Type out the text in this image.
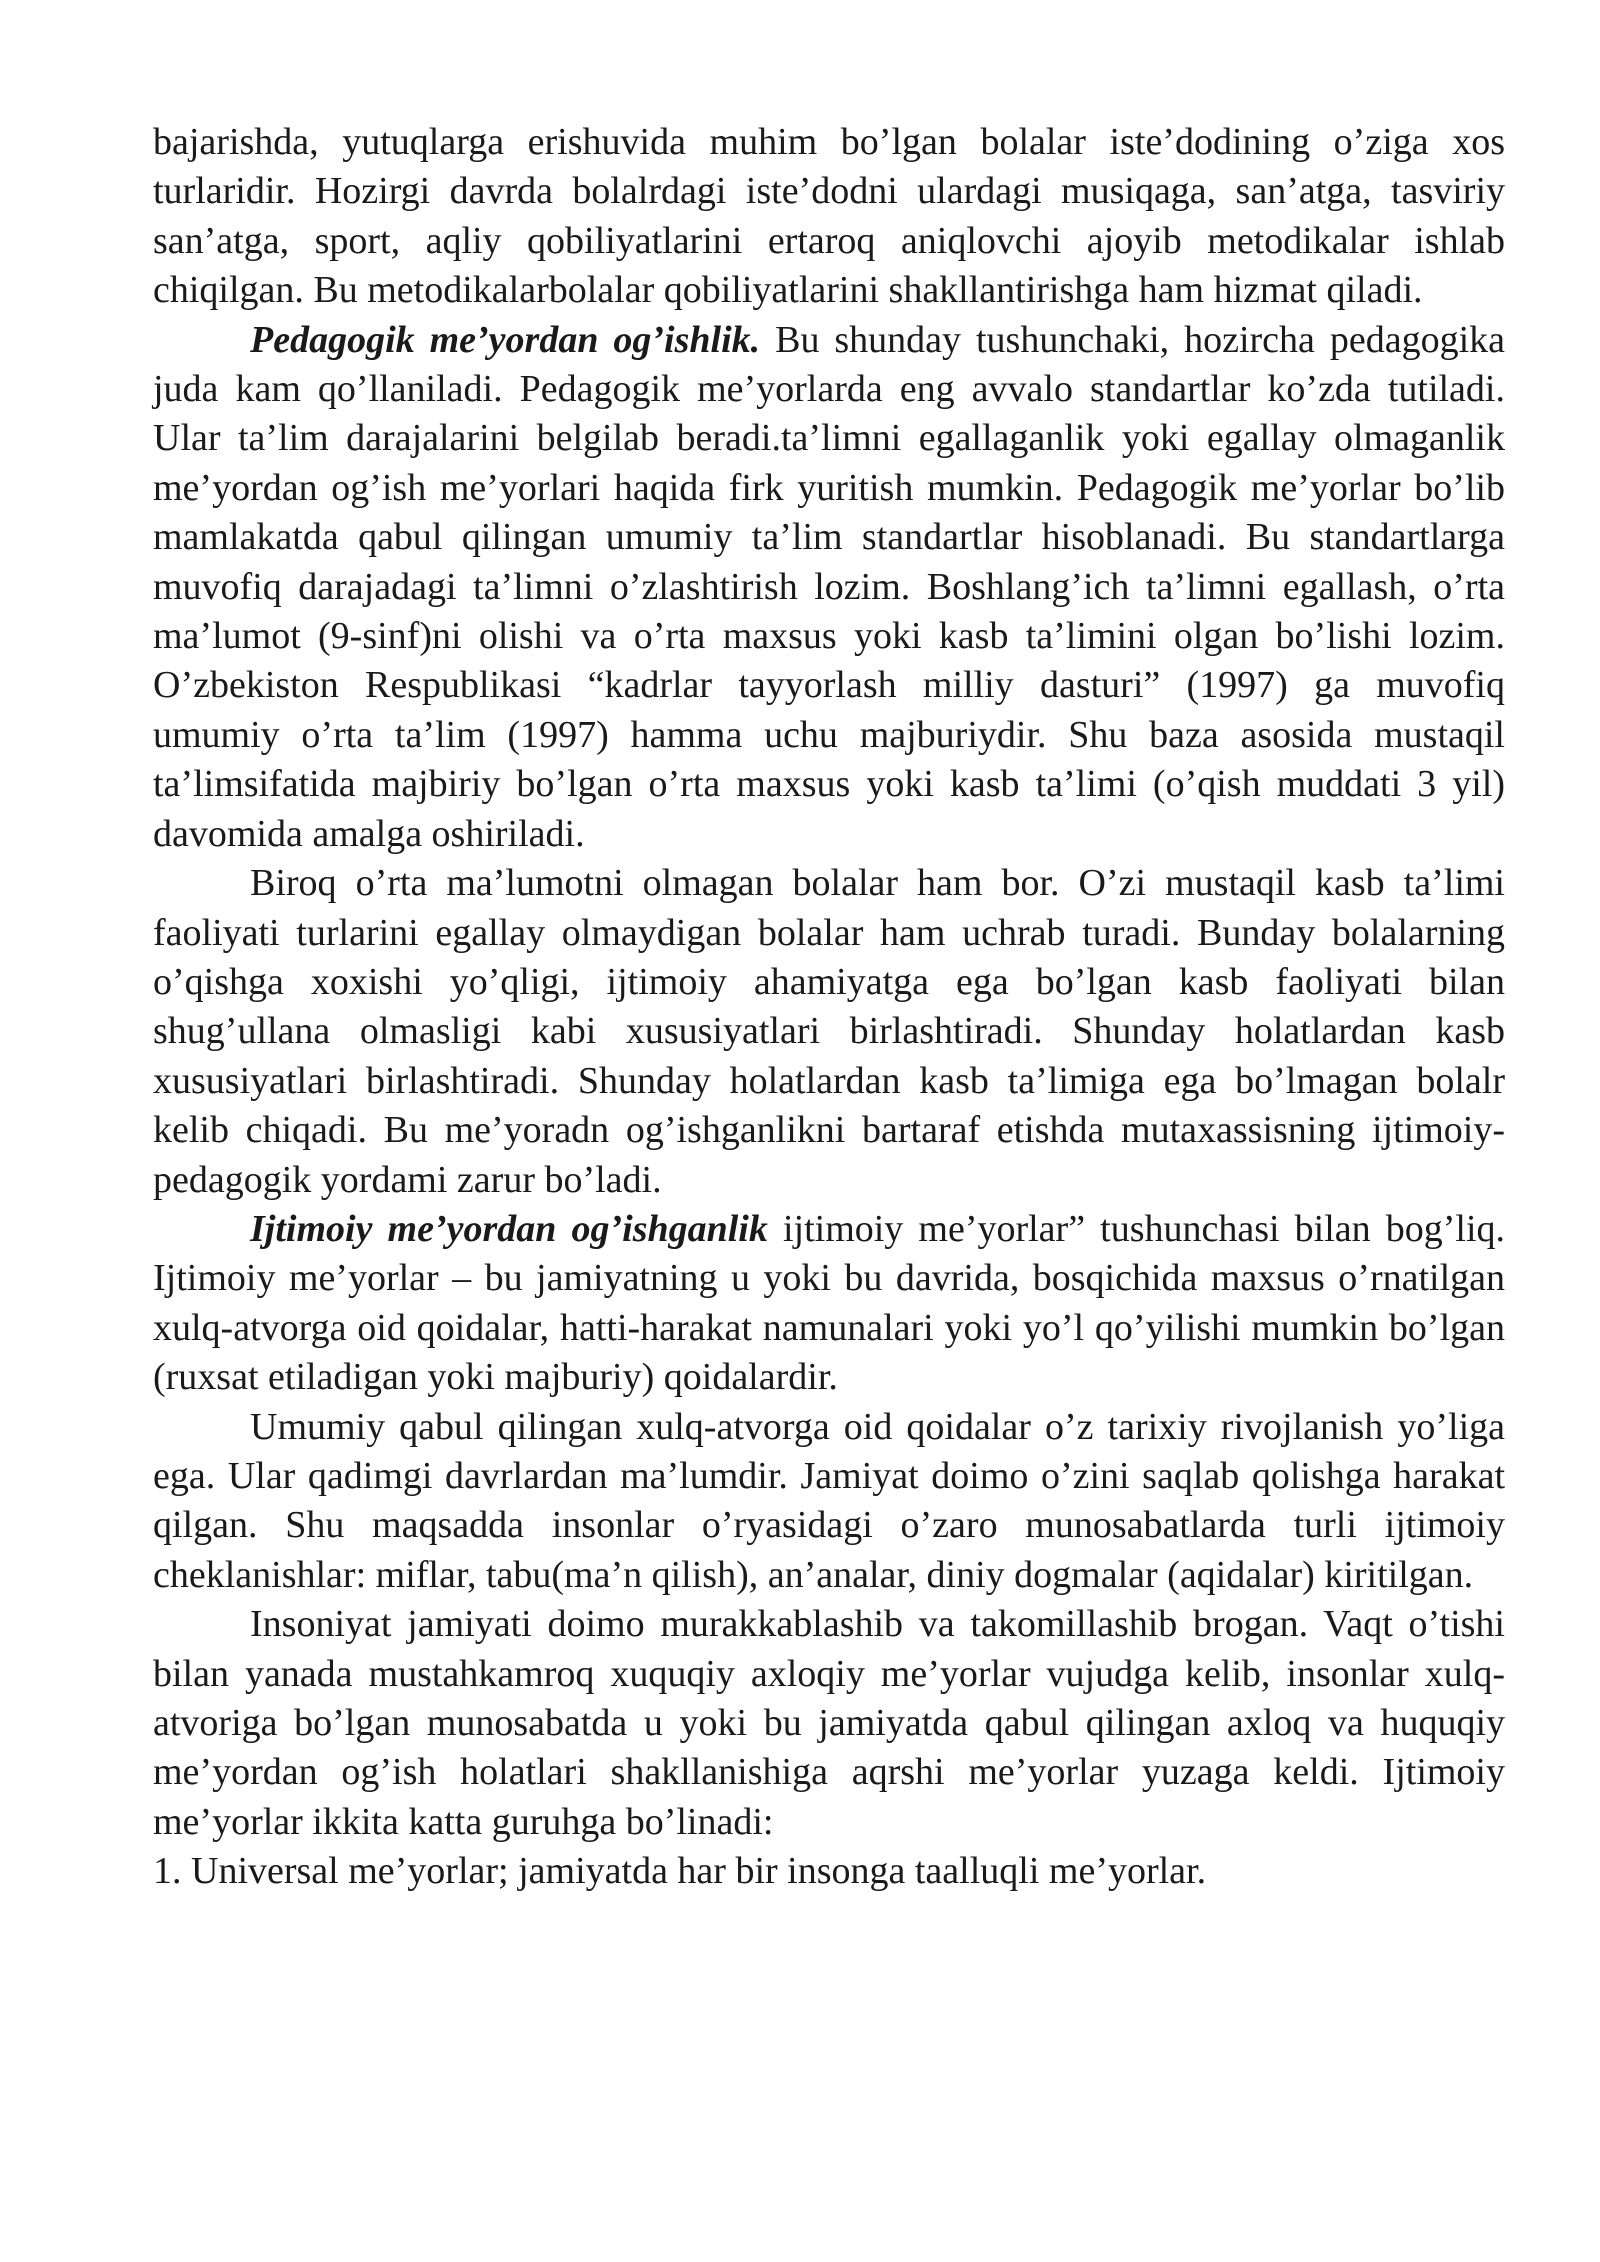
bajarishda, yutuqlarga erishuvida muhim bo’lgan bolalar iste’dodining o’ziga xos turlaridir. Hozirgi davrda bolalrdagi iste’dodni ulardagi musiqaga, san’atga, tasviriy san’atga, sport, aqliy qobiliyatlarini ertaroq aniqlovchi ajoyib metodikalar ishlab chiqilgan. Bu metodikalarbolalar qobiliyatlarini shakllantirishga ham hizmat qiladi.

Pedagogik me’yordan og’ishlik. Bu shunday tushunchaki, hozircha pedagogika juda kam qo’llaniladi. Pedagogik me’yorlarda eng avvalo standartlar ko’zda tutiladi. Ular ta’lim darajalarini belgilab beradi.ta’limni egallaganlik yoki egallay olmaganlik me’yordan og’ish me’yorlari haqida firk yuritish mumkin. Pedagogik me’yorlar bo’lib mamlakatda qabul qilingan umumiy ta’lim standartlar hisoblanadi. Bu standartlarga muvofiq darajadagi ta’limni o’zlashtirish lozim. Boshlang’ich ta’limni egallash, o’rta ma’lumot (9-sinf)ni olishi va o’rta maxsus yoki kasb ta’limini olgan bo’lishi lozim. O’zbekiston Respublikasi “kadrlar tayyorlash milliy dasturi” (1997) ga muvofiq umumiy o’rta ta’lim (1997) hamma uchu majburiydir. Shu baza asosida mustaqil ta’limsifatida majbiriy bo’lgan o’rta maxsus yoki kasb ta’limi (o’qish muddati 3 yil) davomida amalga oshiriladi.

Biroq o’rta ma’lumotni olmagan bolalar ham bor. O’zi mustaqil kasb ta’limi faoliyati turlarini egallay olmaydigan bolalar ham uchrab turadi. Bunday bolalarning o’qishga xoxishi yo’qligi, ijtimoiy ahamiyatga ega bo’lgan kasb faoliyati bilan shug’ullana olmasligi kabi xususiyatlari birlashtiradi. Shunday holatlardan kasb xususiyatlari birlashtiradi. Shunday holatlardan kasb ta’limiga ega bo’lmagan bolalr kelib chiqadi. Bu me’yoradn og’ishganlikni bartaraf etishda mutaxassisning ijtimoiy-pedagogik yordami zarur bo’ladi.

Ijtimoiy me’yordan og’ishganlik ijtimoiy me’yorlar” tushunchasi bilan bog’liq. Ijtimoiy me’yorlar – bu jamiyatning u yoki bu davrida, bosqichida maxsus o’rnatilgan xulq-atvorga oid qoidalar, hatti-harakat namunalari yoki yo’l qo’yilishi mumkin bo’lgan (ruxsat etiladigan yoki majburiy) qoidalardir.

Umumiy qabul qilingan xulq-atvorga oid qoidalar o’z tarixiy rivojlanish yo’liga ega. Ular qadimgi davrlardan ma’lumdir. Jamiyat doimo o’zini saqlab qolishga harakat qilgan. Shu maqsadda insonlar o’ryasidagi o’zaro munosabatlarda turli ijtimoiy cheklanishlar: miflar, tabu(ma’n qilish), an’analar, diniy dogmalar (aqidalar) kiritilgan.

Insoniyat jamiyati doimo murakkablashib va takomillashib brogan. Vaqt o’tishi bilan yanada mustahkamroq xuquqiy axloqiy me’yorlar vujudga kelib, insonlar xulq-atvoriga bo’lgan munosabatda u yoki bu jamiyatda qabul qilingan axloq va huquqiy me’yordan og’ish holatlari shakllanishiga aqrshi me’yorlar yuzaga keldi. Ijtimoiy me’yorlar ikkita katta guruhga bo’linadi:

1. Universal me’yorlar; jamiyatda har bir insonga taalluqli me’yorlar.
